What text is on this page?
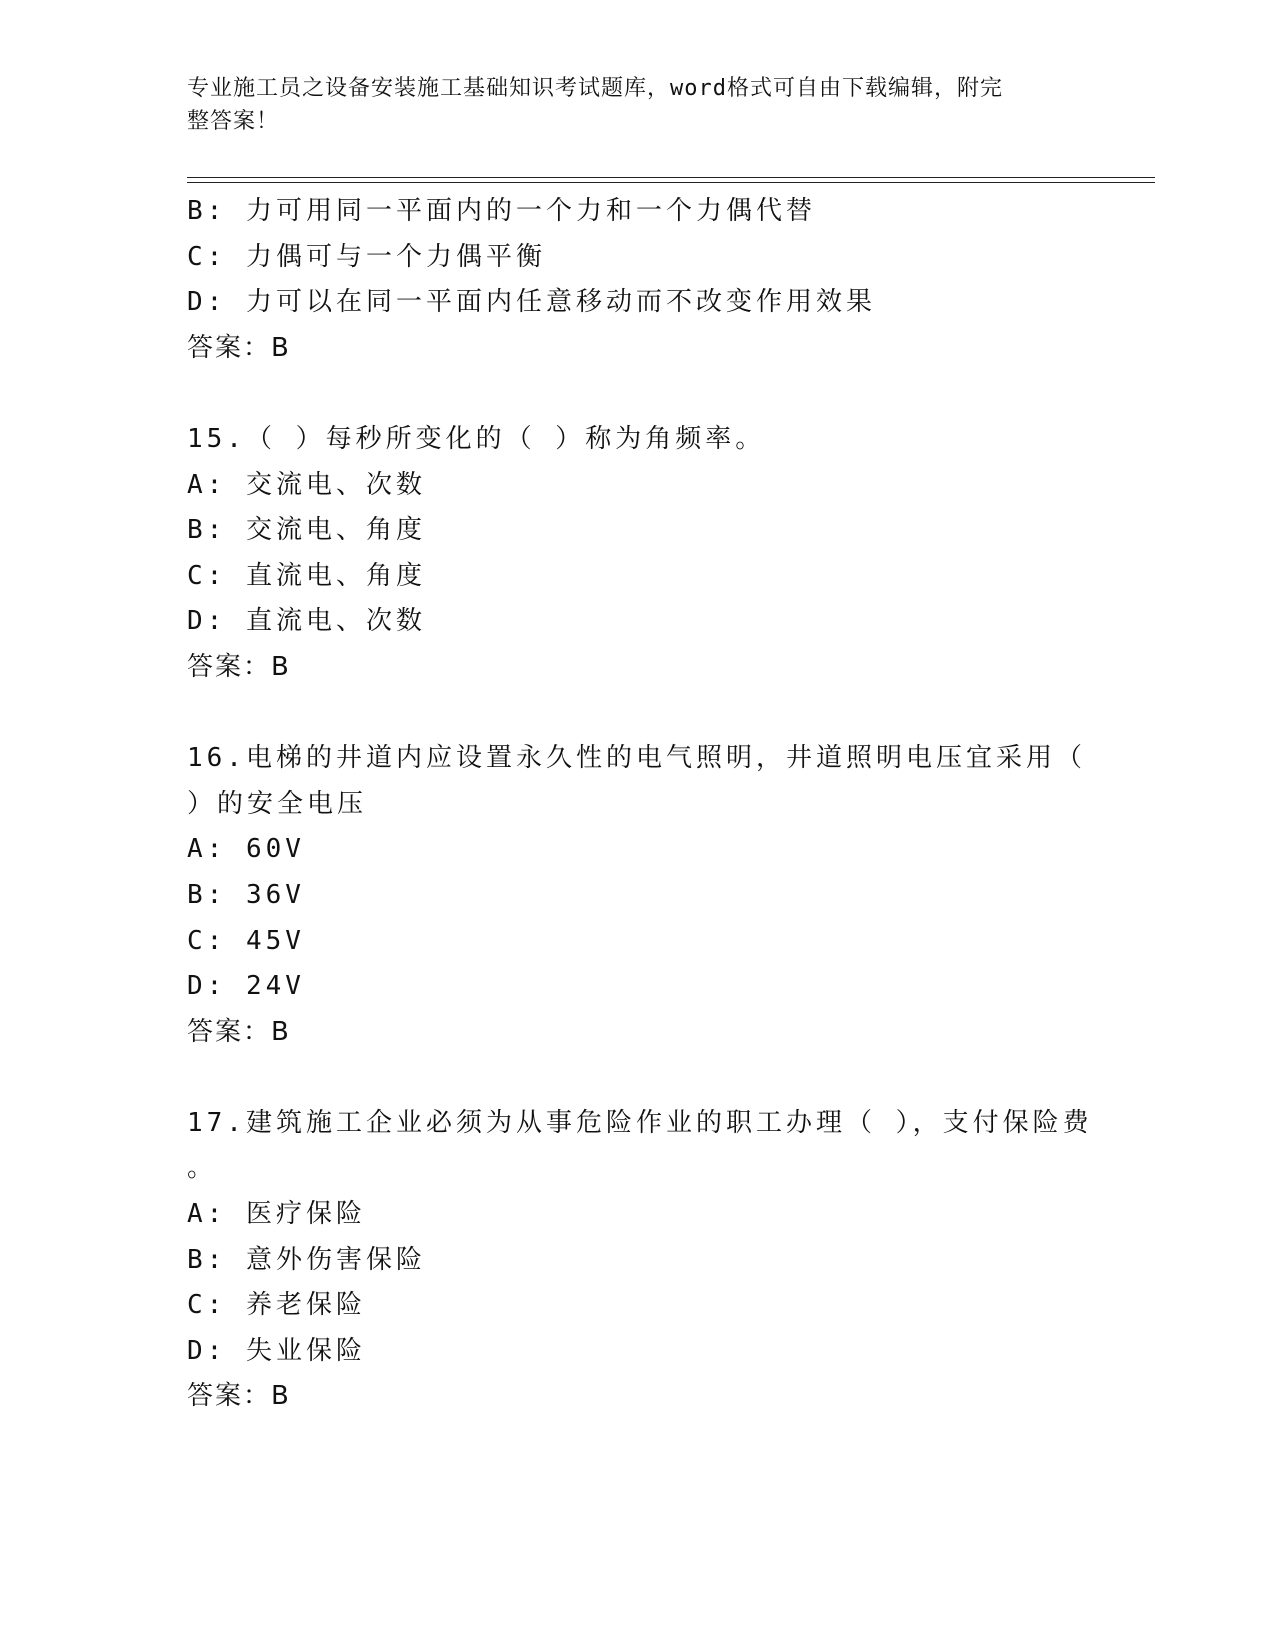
专业施工员之设备安装施工基础知识考试题库，word格式可自由下载编辑，附完
整答案！
B: 力可用同一平面内的一个力和一个力偶代替
C: 力偶可与一个力偶平衡
D: 力可以在同一平面内任意移动而不改变作用效果
答案：B
15.（ ）每秒所变化的（ ）称为角频率。
A: 交流电、次数
B: 交流电、角度
C: 直流电、角度
D: 直流电、次数
答案：B
16.电梯的井道内应设置永久性的电气照明，井道照明电压宜采用（
）的安全电压
A: 60V
B: 36V
C: 45V
D: 24V
答案：B
17.建筑施工企业必须为从事危险作业的职工办理（ ），支付保险费
。
A: 医疗保险
B: 意外伤害保险
C: 养老保险
D: 失业保险
答案：B
